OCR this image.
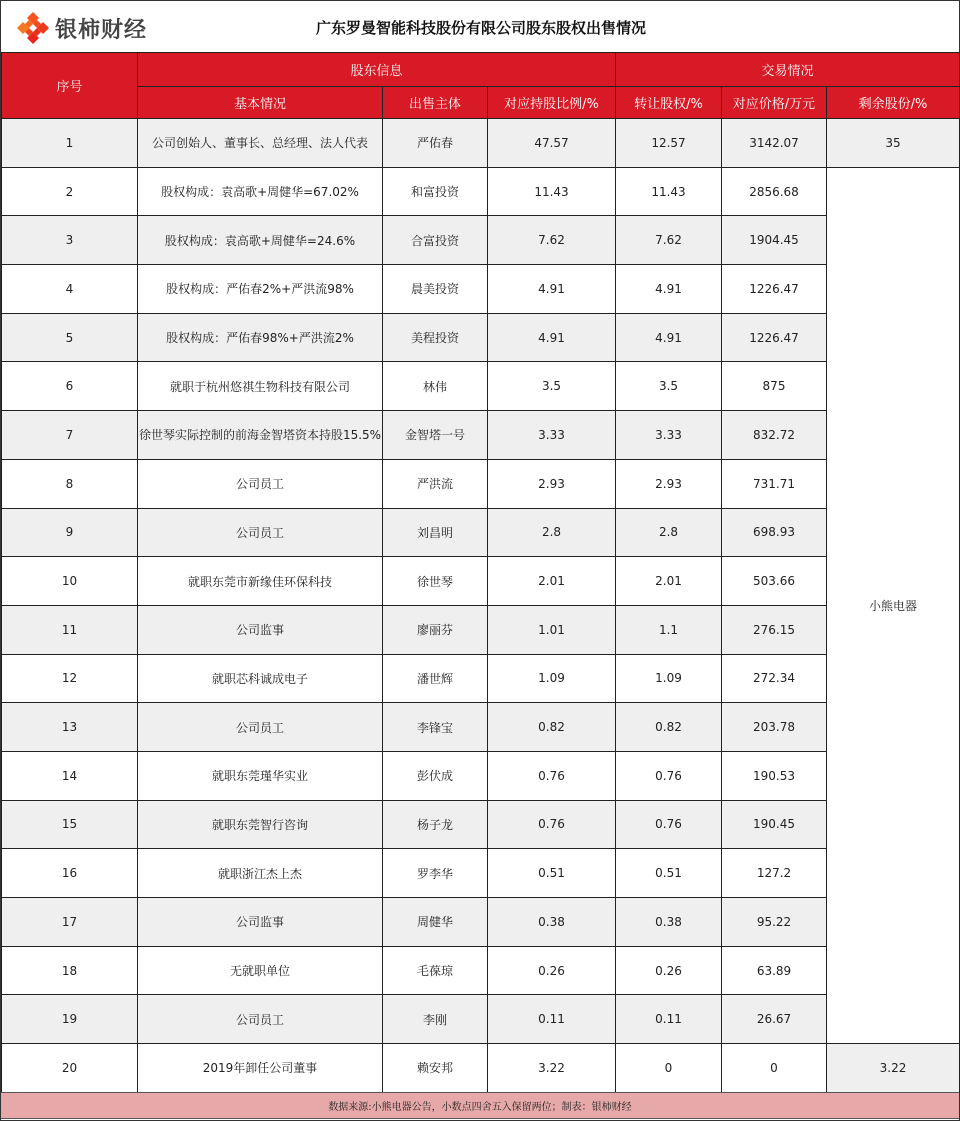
银柿财经	广东罗曼智能科技股份有限公司股东股权出售情况
序号	股东信息			交易情况		
	基本情况	出售主体	对应持股比例/%	转让股权/%	对应价格/万元	剩余股份/%
1	公司创始人、董事长、总经理、法人代表	严佑春	47.57	12.57	3142.07	35
2	股权构成：袁高歌+周健华=67.02%	和富投资	11.43	11.43	2856.68	小熊电器
3	股权构成：袁高歌+周健华=24.6%	合富投资	7.62	7.62	1904.45	
4	股权构成：严佑春2%+严洪流98%	晨美投资	4.91	4.91	1226.47	
5	股权构成：严佑春98%+严洪流2%	美程投资	4.91	4.91	1226.47	
6	就职于杭州悠祺生物科技有限公司	林伟	3.5	3.5	875	
7	徐世琴实际控制的前海金智塔资本持股15.5%	金智塔一号	3.33	3.33	832.72	
8	公司员工	严洪流	2.93	2.93	731.71	
9	公司员工	刘昌明	2.8	2.8	698.93	
10	就职东莞市新缘佳环保科技	徐世琴	2.01	2.01	503.66	
11	公司监事	廖丽芬	1.01	1.1	276.15	
12	就职芯科诚成电子	潘世辉	1.09	1.09	272.34	
13	公司员工	李锋宝	0.82	0.82	203.78	
14	就职东莞瑾华实业	彭伏成	0.76	0.76	190.53	
15	就职东莞智行咨询	杨子龙	0.76	0.76	190.45	
16	就职浙江杰上杰	罗李华	0.51	0.51	127.2	
17	公司监事	周健华	0.38	0.38	95.22	
18	无就职单位	毛葆琼	0.26	0.26	63.89	
19	公司员工	李刚	0.11	0.11	26.67	
20	2019年卸任公司董事	赖安邦	3.22	0	0	3.22
数据来源:小熊电器公告，小数点四舍五入保留两位；制表：银柿财经
